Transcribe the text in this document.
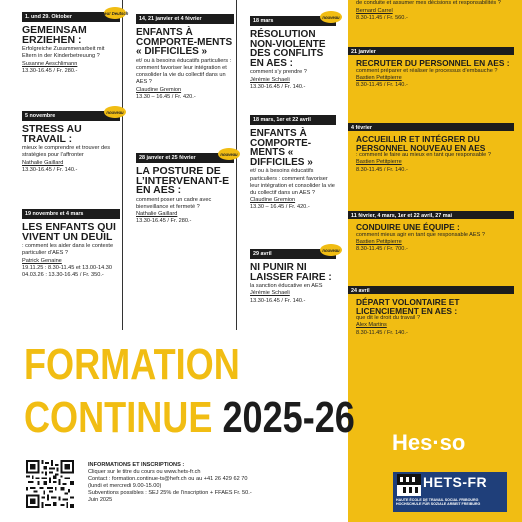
1. und 29. Oktober
neu! Deutsch
GEMEINSAM ERZIEHEN :
Erfolgreiche Zusammenarbeit mit Eltern in der Kinderbetreuung ?
Susanne Aeschlimann
13.30-16.45 / Fr. 280.-
5 novembre
nouveau
STRESS AU TRAVAIL :
mieux le comprendre et trouver des stratégies pour l’affronter
Nathalie Gaillard
13.30-16.45 / Fr. 140.-
19 novembre et 4 mars
LES ENFANTS QUI VIVENT UN DEUIL
: comment les aider dans le contexte particulier d’AES ?
Patrick Genaine
19.11.25 : 8.30-11.45 et 13.00-14.30 04.03.26 : 13.30-16.45 / Fr. 350.-
14, 21 janvier et 4 février
ENFANTS À COMPORTE-MENTS « DIFFICILES »
et/ ou à besoins éducatifs particuliers : comment favoriser leur intégration et consolider la vie du collectif dans un AES ?
Claudine Gremion
13.30 – 16.45 / Fr. 420.-
28 janvier et 25 février
nouveau
LA POSTURE DE L’INTERVENANT-E EN AES :
comment poser un cadre avec bienveillance et fermeté ?
Nathalie Gaillard
13.30-16.45 / Fr. 280.-
18 mars
nouveau
RÉSOLUTION NON-VIOLENTE DES CONFLITS EN AES :
comment s’y prendre ?
Jérémie Schaeli
13.30-16.45 / Fr. 140.-
18 mars, 1er et 22 avril
ENFANTS À COMPORTE-MENTS « DIFFICILES »
et/ ou à besoins éducatifs particuliers : comment favoriser leur intégration et consolider la vie du collectif dans un AES ?
Claudine Gremion
13.30 – 16.45 / Fr. 420.-
29 avril
nouveau
NI PUNIR NI LAISSER FAIRE :
la sanction éducative en AES
Jérémie Schaeli
13.30-16.45 / Fr. 140.-
de conduite et assumer mes décisions et responsabilités ?
Bernard Carrel
8.30-11.45 / Fr. 560.-
21 janvier
RECRUTER DU PERSONNEL EN AES :
comment préparer et réaliser le processus d’embauche ?
Bastien Petitpierre
8.30-11.45 / Fr. 140.-
4 février
ACCUEILLIR ET INTÉGRER DU PERSONNEL NOUVEAU EN AES
: comment le faire au mieux en tant que responsable ?
Bastien Petitpierre
8.30-11.45 / Fr. 140.-
11 février, 4 mars, 1er et 22 avril, 27 mai
CONDUIRE UNE ÉQUIPE :
comment mieux agir en tant que responsable AES ?
Bastien Petitpierre
8.30-11.45 / Fr. 700.-
24 avril
DÉPART VOLONTAIRE ET LICENCIEMENT EN AES :
que dit le droit du travail ?
Alex Martins
8.30-11.45 / Fr. 140.-
FORMATION
CONTINUE 2025-26
INFORMATIONS ET INSCRIPTIONS :
Cliquer sur le titre du cours ou www.hets-fr.ch
Contact : formation.continue-ts@hefr.ch ou au +41 26 429 62 70
(lundi et mercredi 9.00-15.00)
Subventions possibles : SEJ 25% de l’inscription + FFAES Fr. 50.-
Juin 2025
Hes·so
HETS-FR
HAUTE ÉCOLE DE TRAVAIL SOCIAL FRIBOURG
HOCHSCHULE FÜR SOZIALE ARBEIT FREIBURG
